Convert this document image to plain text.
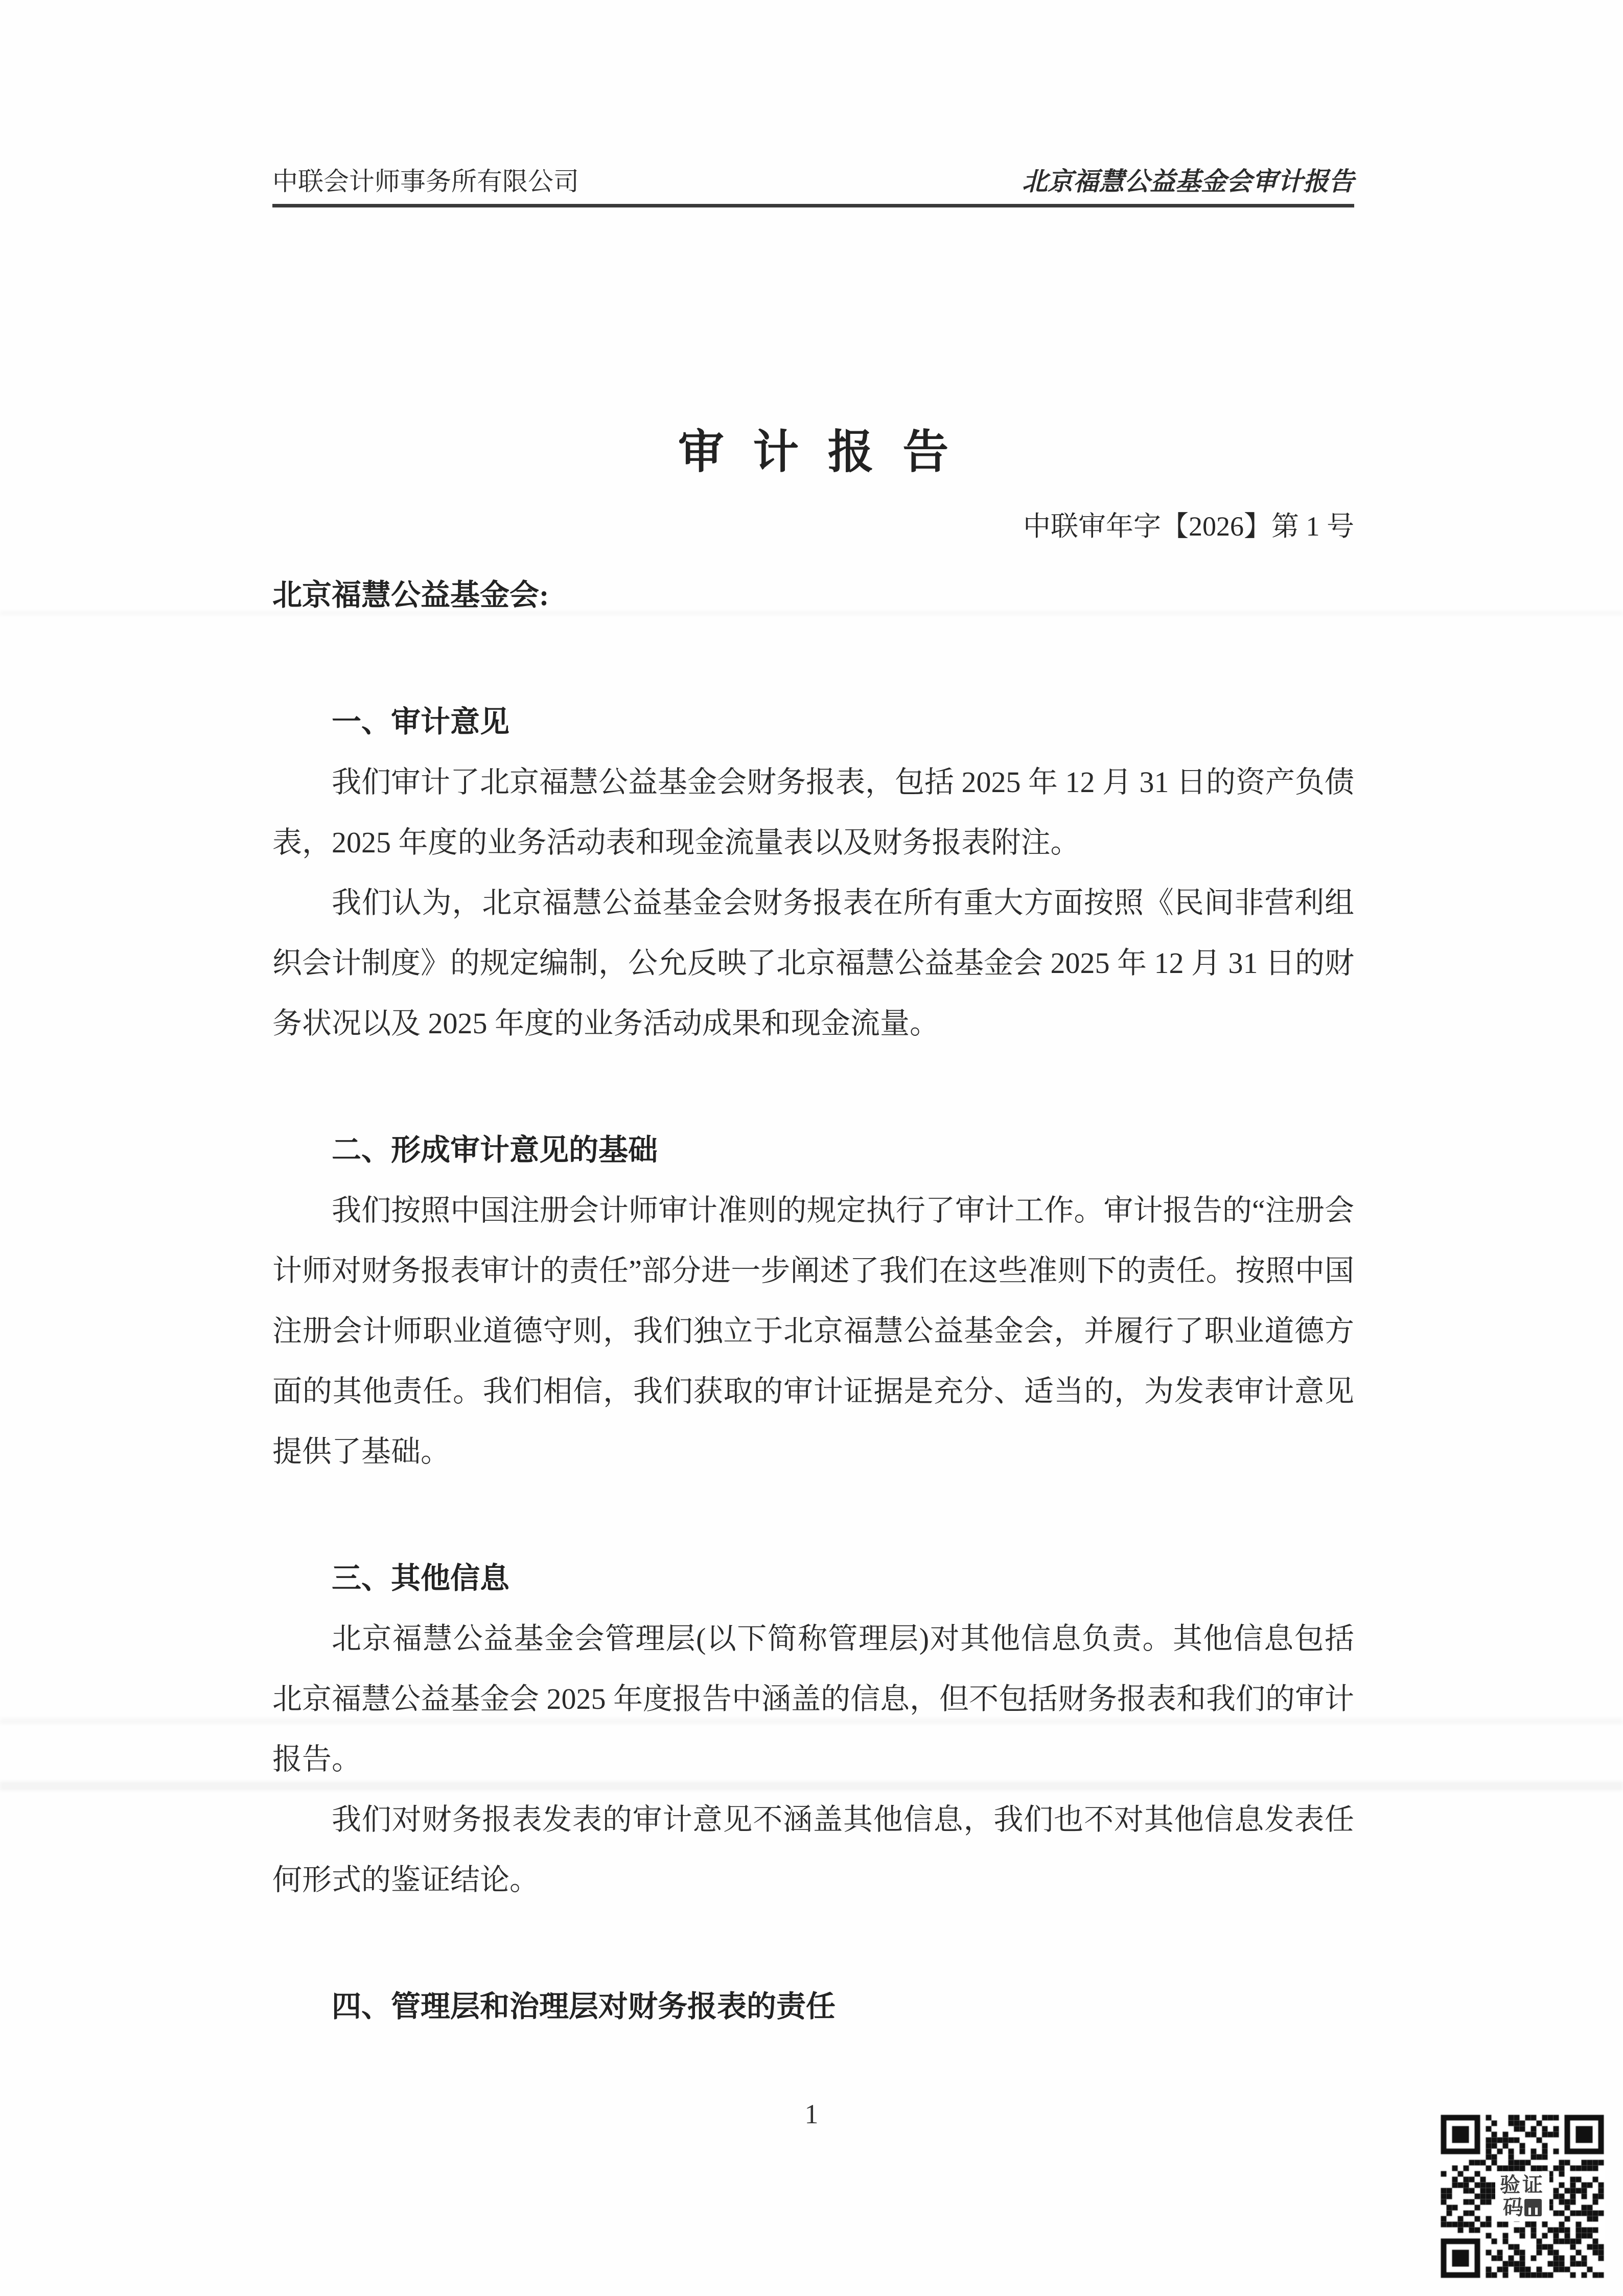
中联会计师事务所有限公司	北京福慧公益基金会审计报告
审 计 报 告
中联审年字【2026】第 1 号
北京福慧公益基金会:
一、审计意见

我们审计了北京福慧公益基金会财务报表，包括 2025 年 12 月 31 日的资产负债表，2025 年度的业务活动表和现金流量表以及财务报表附注。

我们认为，北京福慧公益基金会财务报表在所有重大方面按照《民间非营利组织会计制度》的规定编制，公允反映了北京福慧公益基金会 2025 年 12 月 31 日的财务状况以及 2025 年度的业务活动成果和现金流量。

二、形成审计意见的基础

我们按照中国注册会计师审计准则的规定执行了审计工作。审计报告的“注册会计师对财务报表审计的责任”部分进一步阐述了我们在这些准则下的责任。按照中国注册会计师职业道德守则，我们独立于北京福慧公益基金会，并履行了职业道德方面的其他责任。我们相信，我们获取的审计证据是充分、适当的，为发表审计意见提供了基础。

三、其他信息

北京福慧公益基金会管理层(以下简称管理层)对其他信息负责。其他信息包括北京福慧公益基金会 2025 年度报告中涵盖的信息，但不包括财务报表和我们的审计报告。

我们对财务报表发表的审计意见不涵盖其他信息，我们也不对其他信息发表任何形式的鉴证结论。

四、管理层和治理层对财务报表的责任
1
验证
码
